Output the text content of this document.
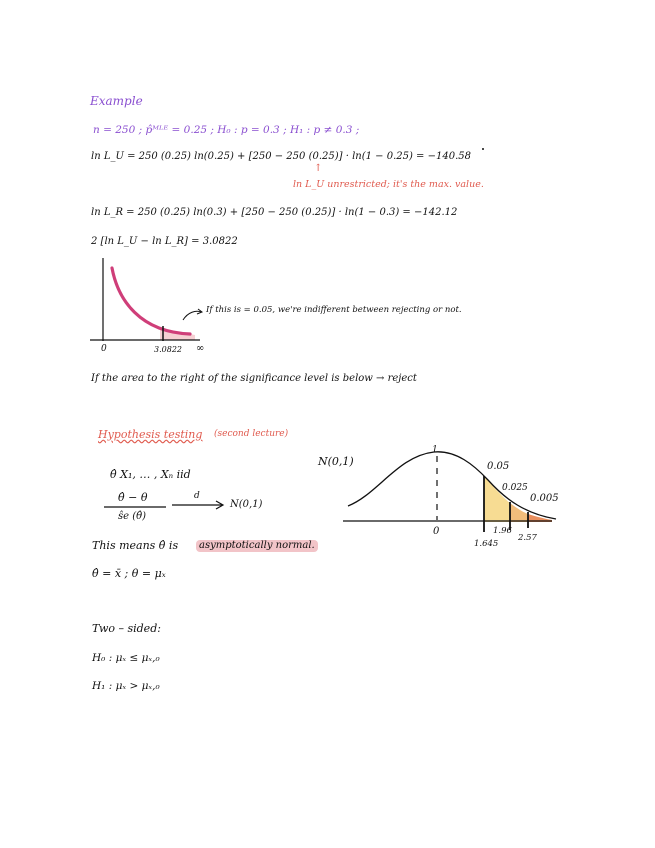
Example
n = 250 ; p̂ᴹᴸᴱ = 0.25 ; H₀ : p = 0.3 ; H₁ : p ≠ 0.3 ;
ln L_U = 250 (0.25) ln(0.25) + [250 − 250 (0.25)] · ln(1 − 0.25) = −140.58
↑
ln L_U unrestricted; it's the max. value.
ln L_R = 250 (0.25) ln(0.3) + [250 − 250 (0.25)] · ln(1 − 0.3) = −142.12
2 [ln L_U − ln L_R] = 3.0822
0	3.0822 ∞
If this is = 0.05, we're indifferent between rejecting or not.
If the area to the right of the significance level is below → reject
Hypothesis testing (second lecture)
θ̂ X₁, … , Xₙ iid
θ̂ − θ
ŝe (θ̂)
d
N(0,1)
This means θ̂ is	asymptotically normal.
θ̂ = x̄ ; θ = μₓ
Two – sided:
H₀ : μₓ ≤ μₓ,₀
H₁ : μₓ > μₓ,₀
N(0,1)
1
0
0.05
0.025
0.005
1.645
1.96
2.57
